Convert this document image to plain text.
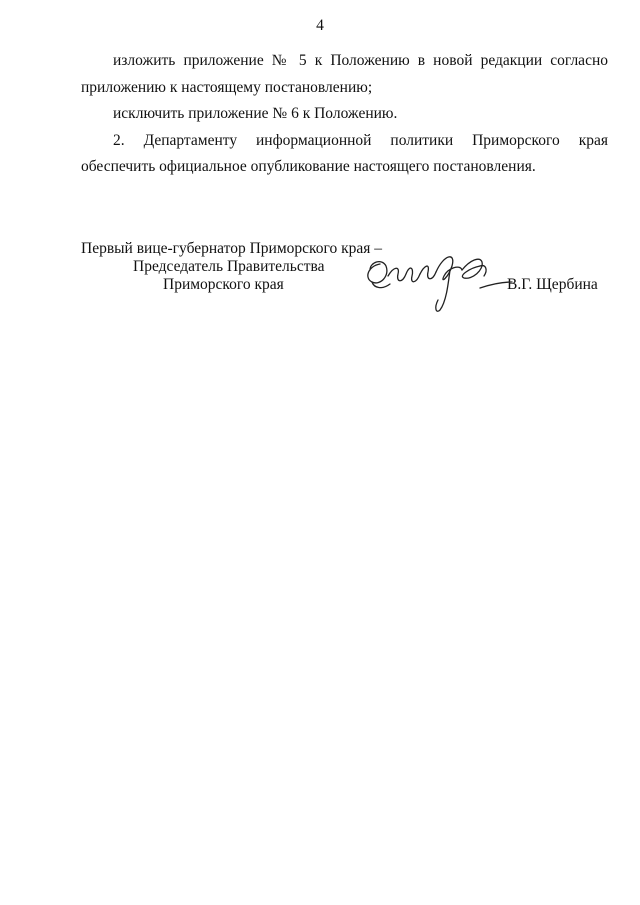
4

изложить приложение № 5 к Положению в новой редакции согласно приложению к настоящему постановлению;

исключить приложение № 6 к Положению.

2. Департаменту информационной политики Приморского края обеспечить официальное опубликование настоящего постановления.

Первый вице-губернатор Приморского края –
Председатель Правительства
Приморского края	В.Г. Щербина
